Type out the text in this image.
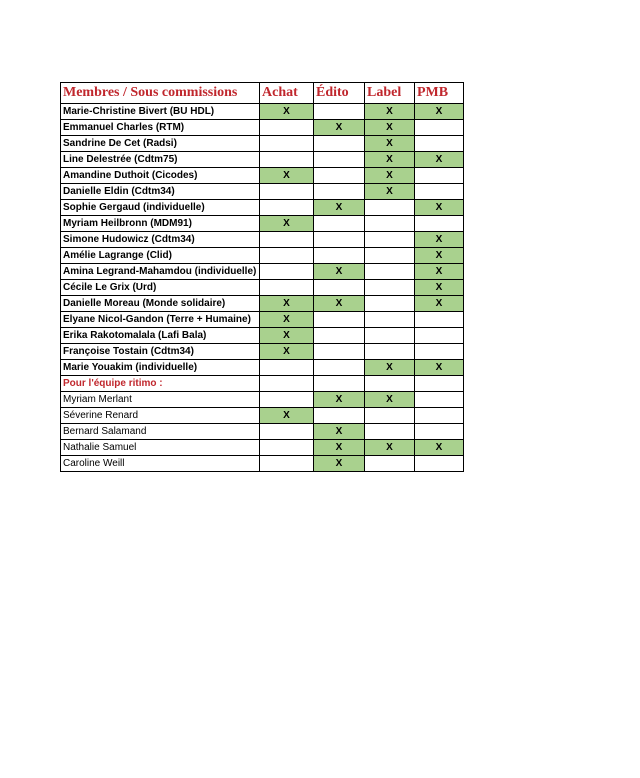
Membres / Sous commissions	Achat	Édito	Label	PMB
Marie-Christine Bivert (BU HDL)	X		X	X
Emmanuel Charles (RTM)		X	X	
Sandrine De Cet (Radsi)			X	
Line Delestrée (Cdtm75)			X	X
Amandine Duthoit (Cicodes)	X		X	
Danielle Eldin (Cdtm34)			X	
Sophie Gergaud (individuelle)		X		X
Myriam Heilbronn (MDM91)	X			
Simone Hudowicz (Cdtm34)				X
Amélie Lagrange (Clid)				X
Amina Legrand-Mahamdou (individuelle)		X		X
Cécile Le Grix (Urd)				X
Danielle Moreau (Monde solidaire)	X	X		X
Elyane Nicol-Gandon (Terre + Humaine)	X			
Erika Rakotomalala (Lafi Bala)	X			
Françoise Tostain (Cdtm34)	X			
Marie Youakim (individuelle)			X	X
Pour l'équipe ritimo :				
Myriam Merlant		X	X	
Séverine Renard	X			
Bernard Salamand		X		
Nathalie Samuel		X	X	X
Caroline Weill		X		
